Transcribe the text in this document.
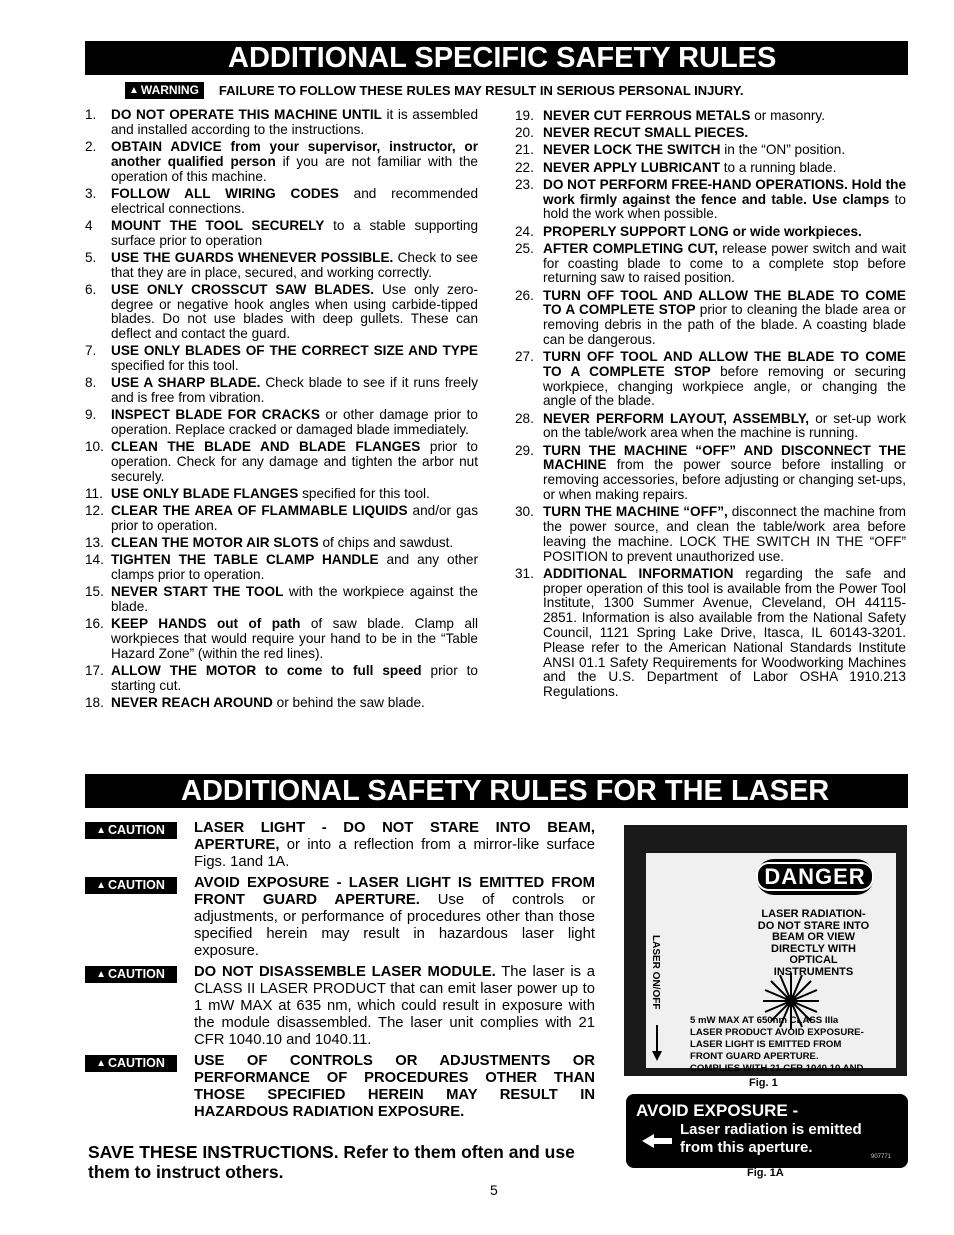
ADDITIONAL SPECIFIC SAFETY RULES
▲ WARNING FAILURE TO FOLLOW THESE RULES MAY RESULT IN SERIOUS PERSONAL INJURY.
1.	DO NOT OPERATE THIS MACHINE UNTIL it is assembled and installed according to the instructions.
2.	OBTAIN ADVICE from your supervisor, instructor, or another qualified person if you are not familiar with the operation of this machine.
3.	FOLLOW ALL WIRING CODES and recommended electrical connections.
4	MOUNT THE TOOL SECURELY to a stable supporting surface prior to operation
5.	USE THE GUARDS WHENEVER POSSIBLE. Check to see that they are in place, secured, and working correctly.
6.	USE ONLY CROSSCUT SAW BLADES. Use only zero-degree or negative hook angles when using carbide-tipped blades. Do not use blades with deep gullets. These can deflect and contact the guard.
7.	USE ONLY BLADES OF THE CORRECT SIZE AND TYPE specified for this tool.
8.	USE A SHARP BLADE. Check blade to see if it runs freely and is free from vibration.
9.	INSPECT BLADE FOR CRACKS or other damage prior to operation. Replace cracked or damaged blade immediately.
10. CLEAN THE BLADE AND BLADE FLANGES prior to operation. Check for any damage and tighten the arbor nut securely.
11. USE ONLY BLADE FLANGES specified for this tool.
12. CLEAR THE AREA OF FLAMMABLE LIQUIDS and/or gas prior to operation.
13. CLEAN THE MOTOR AIR SLOTS of chips and sawdust.
14. TIGHTEN THE TABLE CLAMP HANDLE and any other clamps prior to operation.
15. NEVER START THE TOOL with the workpiece against the blade.
16. KEEP HANDS out of path of saw blade. Clamp all workpieces that would require your hand to be in the “Table Hazard Zone” (within the red lines).
17. ALLOW THE MOTOR to come to full speed prior to starting cut.
18. NEVER REACH AROUND or behind the saw blade.
19. NEVER CUT FERROUS METALS or masonry.
20. NEVER RECUT SMALL PIECES.
21. NEVER LOCK THE SWITCH in the “ON” position.
22. NEVER APPLY LUBRICANT to a running blade.
23. DO NOT PERFORM FREE-HAND OPERATIONS. Hold the work firmly against the fence and table. Use clamps to hold the work when possible.
24. PROPERLY SUPPORT LONG or wide workpieces.
25. AFTER COMPLETING CUT, release power switch and wait for coasting blade to come to a complete stop before returning saw to raised position.
26. TURN OFF TOOL AND ALLOW THE BLADE TO COME TO A COMPLETE STOP prior to cleaning the blade area or removing debris in the path of the blade. A coasting blade can be dangerous.
27. TURN OFF TOOL AND ALLOW THE BLADE TO COME TO A COMPLETE STOP before removing or securing workpiece, changing workpiece angle, or changing the angle of the blade.
28. NEVER PERFORM LAYOUT, ASSEMBLY, or set-up work on the table/work area when the machine is running.
29. TURN THE MACHINE “OFF” AND DISCONNECT THE MACHINE from the power source before installing or removing accessories, before adjusting or changing set-ups, or when making repairs.
30. TURN THE MACHINE “OFF”, disconnect the machine from the power source, and clean the table/work area before leaving the machine. LOCK THE SWITCH IN THE “OFF” POSITION to prevent unauthorized use.
31. ADDITIONAL INFORMATION regarding the safe and proper operation of this tool is available from the Power Tool Institute, 1300 Summer Avenue, Cleveland, OH 44115-2851. Information is also available from the National Safety Council, 1121 Spring Lake Drive, Itasca, IL 60143-3201. Please refer to the American National Standards Institute ANSI 01.1 Safety Requirements for Woodworking Machines and the U.S. Department of Labor OSHA 1910.213 Regulations.
ADDITIONAL SAFETY RULES FOR THE LASER
▲ CAUTION LASER LIGHT - DO NOT STARE INTO BEAM, APERTURE, or into a reflection from a mirror-like surface Figs. 1and 1A.
▲ CAUTION AVOID EXPOSURE - LASER LIGHT IS EMITTED FROM FRONT GUARD APERTURE. Use of controls or adjustments, or performance of procedures other than those specified herein may result in hazardous laser light exposure.
▲ CAUTION DO NOT DISASSEMBLE LASER MODULE. The laser is a CLASS II LASER PRODUCT that can emit laser power up to 1 mW MAX at 635 nm, which could result in exposure with the module disassembled. The laser unit complies with 21 CFR 1040.10 and 1040.11.
▲ CAUTION USE OF CONTROLS OR ADJUSTMENTS OR PERFORMANCE OF PROCEDURES OTHER THAN THOSE SPECIFIED HEREIN MAY RESULT IN HAZARDOUS RADIATION EXPOSURE.
SAVE THESE INSTRUCTIONS. Refer to them often and use them to instruct others.
5
DANGER
LASER RADIATION-
DO NOT STARE INTO
BEAM OR VIEW
DIRECTLY WITH
OPTICAL
INSTRUMENTS
LASER ON/OFF
5 mW MAX AT 650nm CLASS IIIa
LASER PRODUCT AVOID EXPOSURE-
LASER LIGHT IS EMITTED FROM
FRONT GUARD APERTURE.
COMPLIES WITH 21 CFR 1040.10 AND
Fig. 1
AVOID EXPOSURE -
Laser radiation is emitted
from this aperture.
907771
Fig. 1A
